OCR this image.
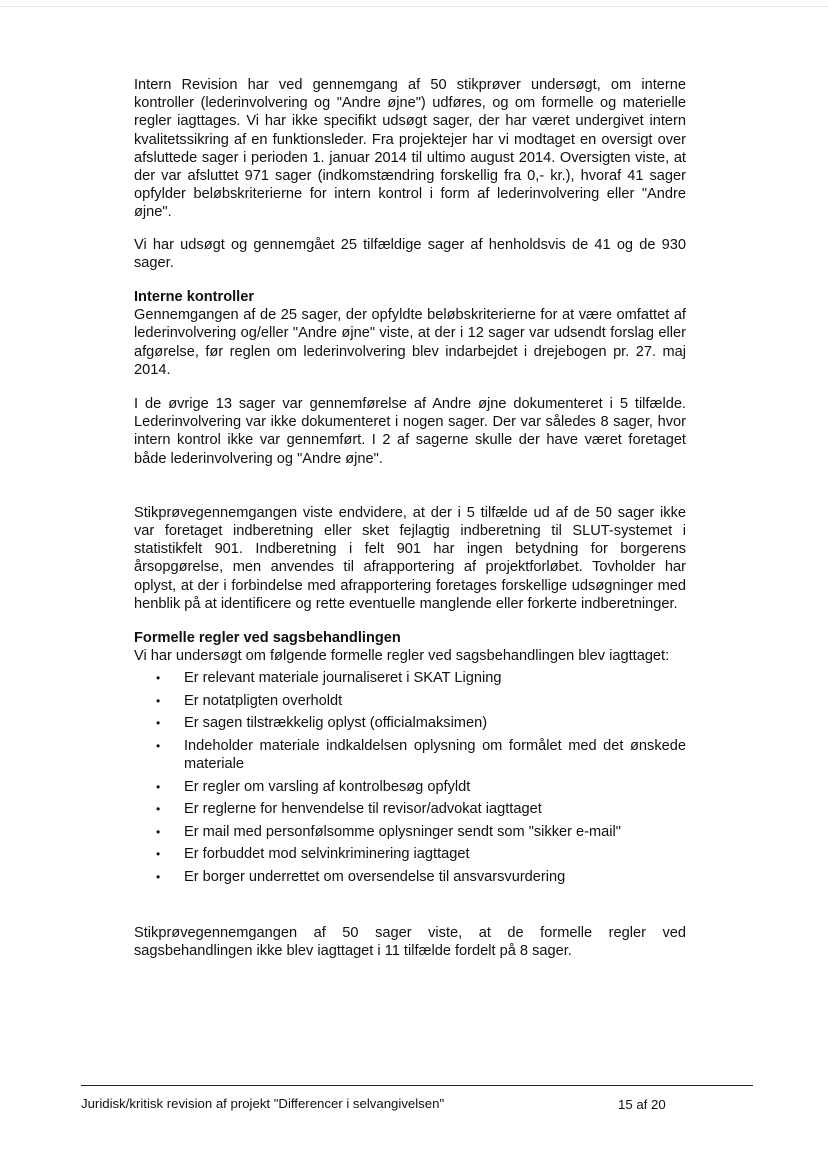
Intern Revision har ved gennemgang af 50 stikprøver undersøgt, om interne kontroller (lederinvolvering og "Andre øjne") udføres, og om formelle og materielle regler iagttages. Vi har ikke specifikt udsøgt sager, der har været undergivet intern kvalitetssikring af en funktionsleder. Fra projektejer har vi modtaget en oversigt over afsluttede sager i perioden 1. januar 2014 til ultimo august 2014. Oversigten viste, at der var afsluttet 971 sager (indkomstændring forskellig fra 0,- kr.), hvoraf 41 sager opfylder beløbskriterierne for intern kontrol i form af lederinvolvering eller "Andre øjne".

Vi har udsøgt og gennemgået 25 tilfældige sager af henholdsvis de 41 og de 930 sager.

Interne kontroller

Gennemgangen af de 25 sager, der opfyldte beløbskriterierne for at være omfattet af lederinvolvering og/eller "Andre øjne" viste, at der i 12 sager var udsendt forslag eller afgørelse, før reglen om lederinvolvering blev indarbejdet i drejebogen pr. 27. maj 2014.

I de øvrige 13 sager var gennemførelse af Andre øjne dokumenteret i 5 tilfælde. Lederinvolvering var ikke dokumenteret i nogen sager. Der var således 8 sager, hvor intern kontrol ikke var gennemført. I 2 af sagerne skulle der have været foretaget både lederinvolvering og "Andre øjne".

Stikprøvegennemgangen viste endvidere, at der i 5 tilfælde ud af de 50 sager ikke var foretaget indberetning eller sket fejlagtig indberetning til SLUT-systemet i statistikfelt 901. Indberetning i felt 901 har ingen betydning for borgerens årsopgørelse, men anvendes til afrapportering af projektforløbet. Tovholder har oplyst, at der i forbindelse med afrapportering foretages forskellige udsøgninger med henblik på at identificere og rette eventuelle manglende eller forkerte indberetninger.

Formelle regler ved sagsbehandlingen

Vi har undersøgt om følgende formelle regler ved sagsbehandlingen blev iagttaget:

• Er relevant materiale journaliseret i SKAT Ligning
• Er notatpligten overholdt
• Er sagen tilstrækkelig oplyst (officialmaksimen)
• Indeholder materiale indkaldelsen oplysning om formålet med det ønskede materiale
• Er regler om varsling af kontrolbesøg opfyldt
• Er reglerne for henvendelse til revisor/advokat iagttaget
• Er mail med personfølsomme oplysninger sendt som "sikker e-mail"
• Er forbuddet mod selvinkriminering iagttaget
• Er borger underrettet om oversendelse til ansvarsvurdering

Stikprøvegennemgangen af 50 sager viste, at de formelle regler ved sagsbehandlingen ikke blev iagttaget i 11 tilfælde fordelt på 8 sager.

Juridisk/kritisk revision af projekt "Differencer i selvangivelsen"	15 af 20
